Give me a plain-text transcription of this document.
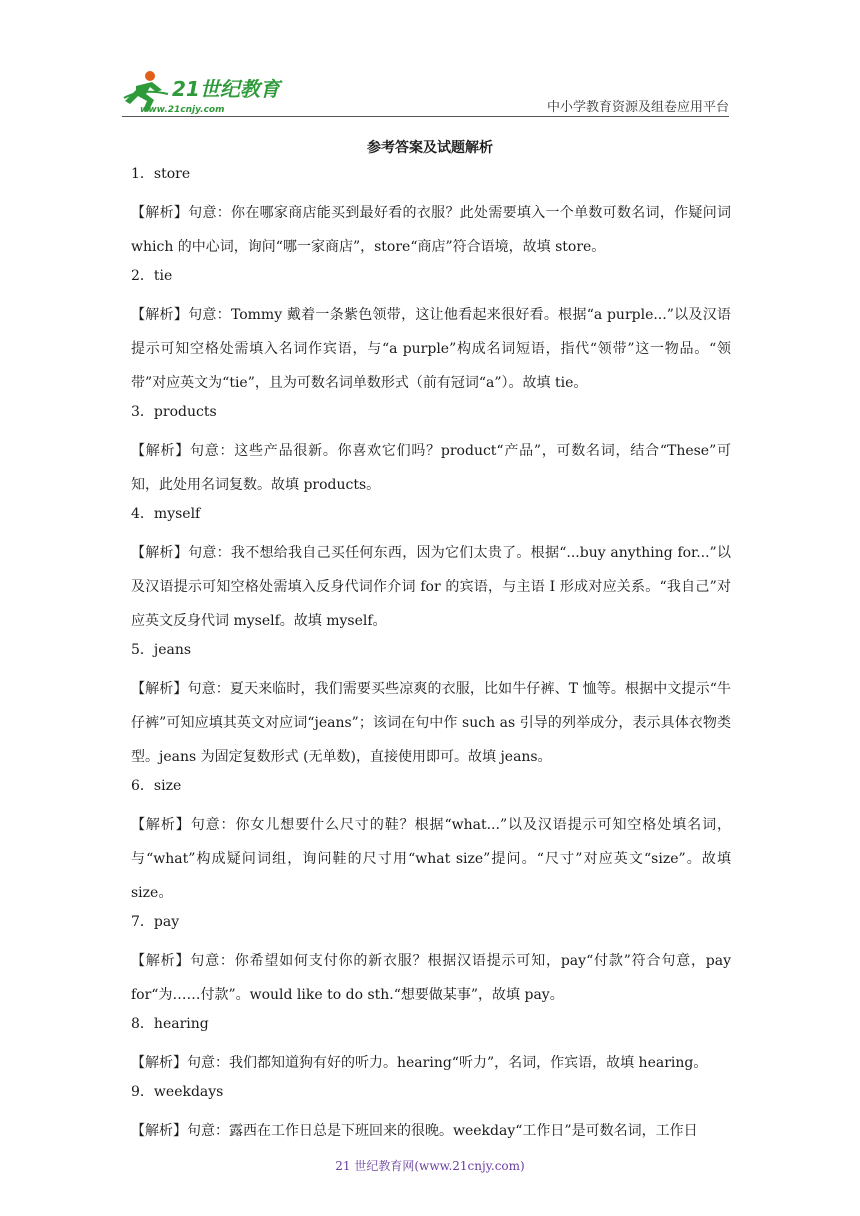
21世纪教育
www.21cnjy.com	中小学教育资源及组卷应用平台
参考答案及试题解析
1． store
【解析】句意：你在哪家商店能买到最好看的衣服？此处需要填入一个单数可数名词，作疑问词 which 的中心词，询问“哪一家商店”，store“商店”符合语境，故填 store。
2． tie
【解析】句意：Tommy 戴着一条紫色领带，这让他看起来很好看。根据“a purple...”以及汉语提示可知空格处需填入名词作宾语，与“a purple”构成名词短语，指代“领带”这一物品。“领带”对应英文为“tie”，且为可数名词单数形式（前有冠词“a”）。故填 tie。
3． products
【解析】句意：这些产品很新。你喜欢它们吗？product“产品”，可数名词，结合“These”可知，此处用名词复数。故填 products。
4． myself
【解析】句意：我不想给我自己买任何东西，因为它们太贵了。根据“...buy anything for...”以及汉语提示可知空格处需填入反身代词作介词 for 的宾语，与主语 I 形成对应关系。“我自己”对应英文反身代词 myself。故填 myself。
5． jeans
【解析】句意：夏天来临时，我们需要买些凉爽的衣服，比如牛仔裤、T 恤等。根据中文提示“牛仔裤”可知应填其英文对应词“jeans”；该词在句中作 such as 引导的列举成分，表示具体衣物类型。jeans 为固定复数形式 (无单数)，直接使用即可。故填 jeans。
6． size
【解析】句意：你女儿想要什么尺寸的鞋？根据“what...”以及汉语提示可知空格处填名词，与“what”构成疑问词组，询问鞋的尺寸用“what size”提问。“尺寸”对应英文“size”。故填 size。
7． pay
【解析】句意：你希望如何支付你的新衣服？根据汉语提示可知，pay“付款”符合句意，pay for“为……付款”。would like to do sth.“想要做某事”，故填 pay。
8． hearing
【解析】句意：我们都知道狗有好的听力。hearing“听力”，名词，作宾语，故填 hearing。
9． weekdays
【解析】句意：露西在工作日总是下班回来的很晚。weekday“工作日”是可数名词，工作日
21 世纪教育网(www.21cnjy.com)
